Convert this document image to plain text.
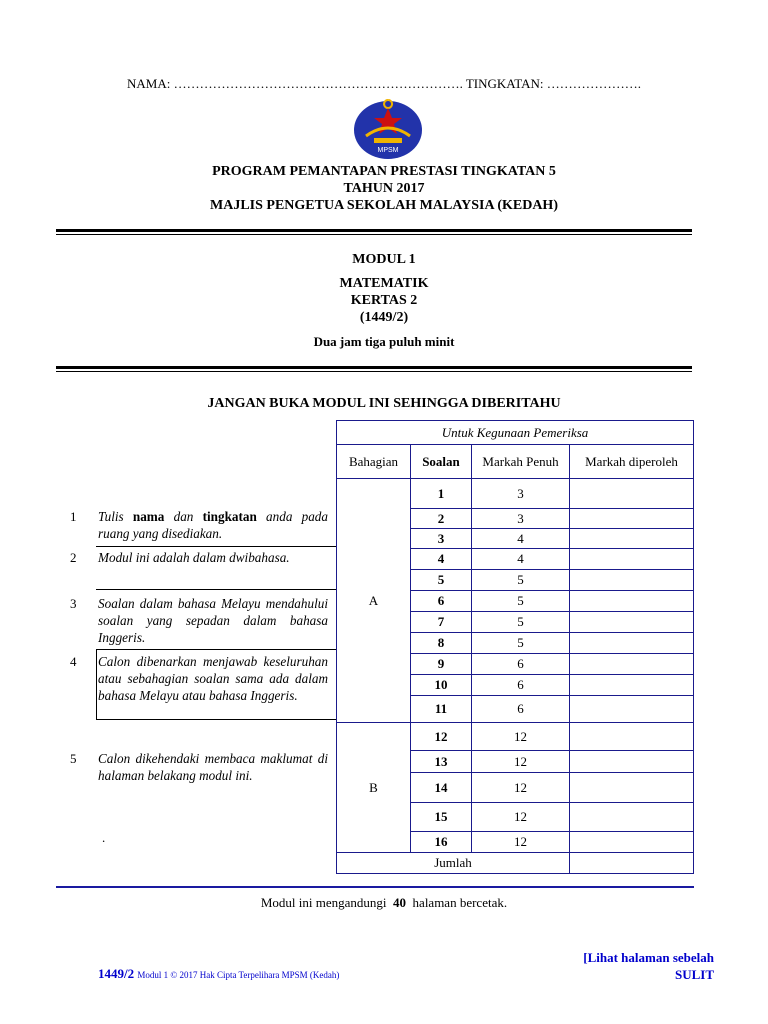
NAMA: …………………………………………………………. TINGKATAN: ………………….
MPSM
PROGRAM PEMANTAPAN PRESTASI TINGKATAN 5
TAHUN 2017
MAJLIS PENGETUA SEKOLAH MALAYSIA (KEDAH)
MODUL 1
MATEMATIK
KERTAS 2
(1449/2)
Dua jam tiga puluh minit
JANGAN BUKA MODUL INI SEHINGGA DIBERITAHU
1 Tulis nama dan tingkatan anda pada ruang yang disediakan.
2 Modul ini adalah dalam dwibahasa.
3 Soalan dalam bahasa Melayu mendahului soalan yang sepadan dalam bahasa Inggeris.
4 Calon dibenarkan menjawab keseluruhan atau sebahagian soalan sama ada dalam bahasa Melayu atau bahasa Inggeris.
5 Calon dikehendaki membaca maklumat di halaman belakang modul ini.
.
Untuk Kegunaan Pemeriksa			
Bahagian	Soalan	Markah Penuh	Markah diperoleh
A	1	3	
	2	3	
	3	4	
	4	4	
	5	5	
	6	5	
	7	5	
	8	5	
	9	6	
	10	6	
	11	6	
B	12	12	
	13	12	
	14	12	
	15	12	
	16	12	
Jumlah			
Modul ini mengandungi 40 halaman bercetak.
[Lihat halaman sebelah
SULIT
1449/2 Modul 1 © 2017 Hak Cipta Terpelihara MPSM (Kedah)
